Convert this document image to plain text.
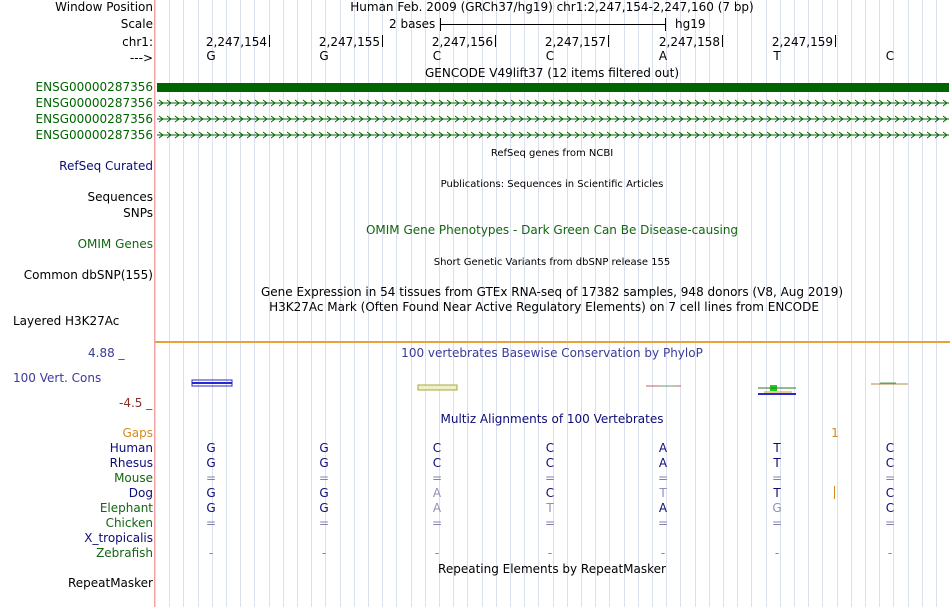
Window Position	Human Feb. 2009 (GRCh37/hg19) chr1:2,247,154-2,247,160 (7 bp)
Scale	2 bases	hg19
chr1:	2,247,154	2,247,155	2,247,156	2,247,157	2,247,158	2,247,159
--->	G	G	C	C	A	T	C
GENCODE V49lift37 (12 items filtered out)
ENSG00000287356
ENSG00000287356
ENSG00000287356
ENSG00000287356
RefSeq genes from NCBI
RefSeq Curated
Publications: Sequences in Scientific Articles
Sequences
SNPs
OMIM Gene Phenotypes - Dark Green Can Be Disease-causing
OMIM Genes
Short Genetic Variants from dbSNP release 155
Common dbSNP(155)
Gene Expression in 54 tissues from GTEx RNA-seq of 17382 samples, 948 donors (V8, Aug 2019)
H3K27Ac Mark (Often Found Near Active Regulatory Elements) on 7 cell lines from ENCODE
Layered H3K27Ac
4.88 _	100 vertebrates Basewise Conservation by PhyloP
100 Vert. Cons
-4.5 _
Multiz Alignments of 100 Vertebrates
Gaps	1
Human	G	G	C	C	A	T	C
Rhesus	G	G	C	C	A	T	C
Mouse	=	=	=	=	=	=	=
Dog	G	G	A	C	T	T	C
Elephant	G	G	A	T	A	G	C
Chicken	=	=	=	=	=	=	=
X_tropicalis
Zebrafish	-	-	-	-	-	-	-
Repeating Elements by RepeatMasker
RepeatMasker
